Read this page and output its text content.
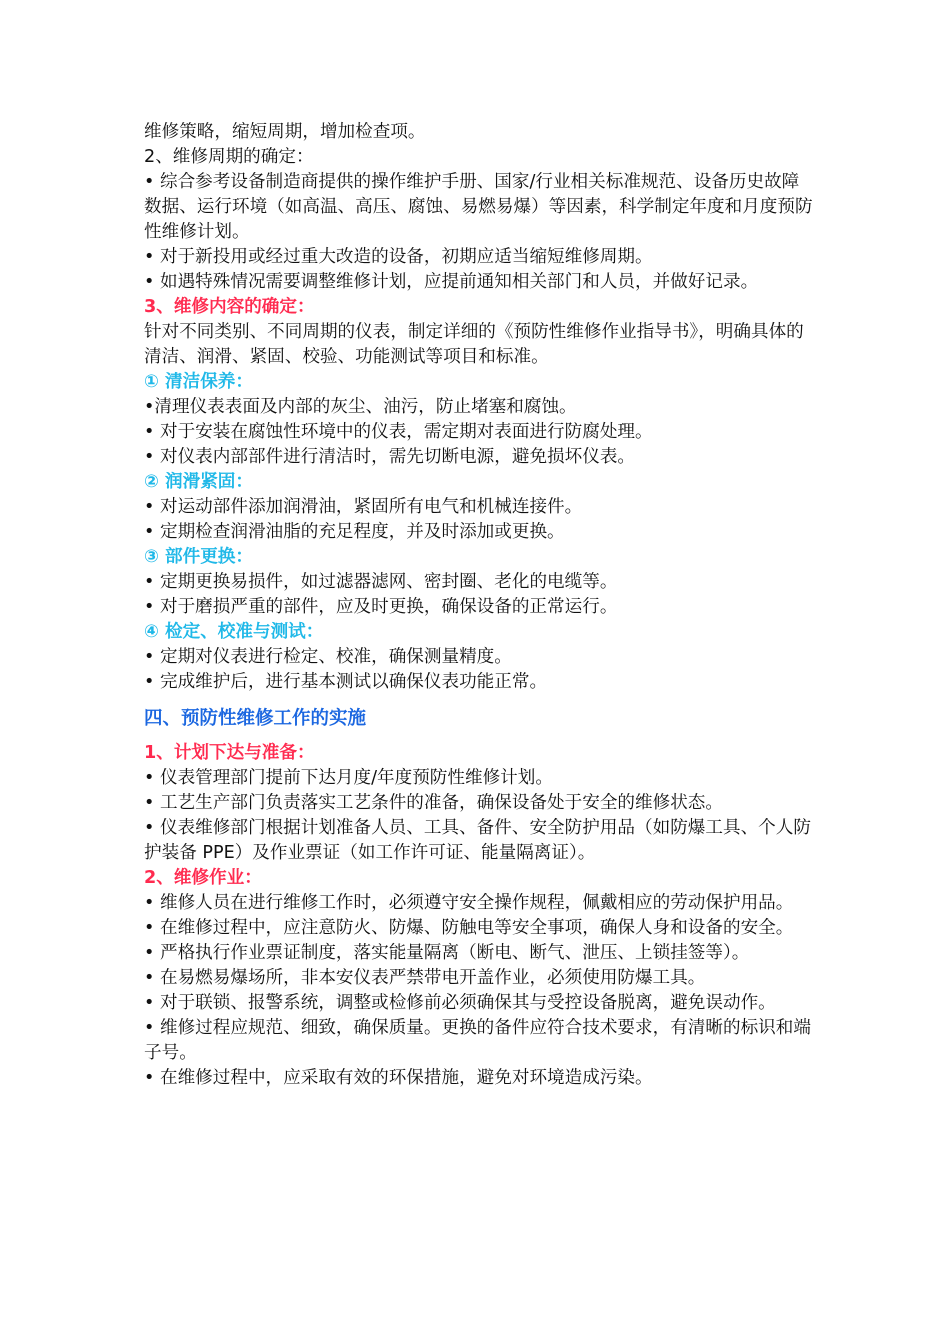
维修策略，缩短周期，增加检查项。

2、维修周期的确定：

• 综合参考设备制造商提供的操作维护手册、国家/行业相关标准规范、设备历史故障数据、运行环境（如高温、高压、腐蚀、易燃易爆）等因素，科学制定年度和月度预防性维修计划。

• 对于新投用或经过重大改造的设备，初期应适当缩短维修周期。

• 如遇特殊情况需要调整维修计划，应提前通知相关部门和人员，并做好记录。

3、维修内容的确定：

针对不同类别、不同周期的仪表，制定详细的《预防性维修作业指导书》，明确具体的清洁、润滑、紧固、校验、功能测试等项目和标准。

① 清洁保养：

•清理仪表表面及内部的灰尘、油污，防止堵塞和腐蚀。

• 对于安装在腐蚀性环境中的仪表，需定期对表面进行防腐处理。

• 对仪表内部部件进行清洁时，需先切断电源，避免损坏仪表。

② 润滑紧固：

• 对运动部件添加润滑油，紧固所有电气和机械连接件。

• 定期检查润滑油脂的充足程度，并及时添加或更换。

③ 部件更换：

• 定期更换易损件，如过滤器滤网、密封圈、老化的电缆等。

• 对于磨损严重的部件，应及时更换，确保设备的正常运行。

④ 检定、校准与测试：

• 定期对仪表进行检定、校准，确保测量精度。

• 完成维护后，进行基本测试以确保仪表功能正常。

四、预防性维修工作的实施

1、计划下达与准备：

• 仪表管理部门提前下达月度/年度预防性维修计划。

• 工艺生产部门负责落实工艺条件的准备，确保设备处于安全的维修状态。

• 仪表维修部门根据计划准备人员、工具、备件、安全防护用品（如防爆工具、个人防护装备 PPE）及作业票证（如工作许可证、能量隔离证）。

2、维修作业：

• 维修人员在进行维修工作时，必须遵守安全操作规程，佩戴相应的劳动保护用品。

• 在维修过程中，应注意防火、防爆、防触电等安全事项，确保人身和设备的安全。

• 严格执行作业票证制度，落实能量隔离（断电、断气、泄压、上锁挂签等）。

• 在易燃易爆场所，非本安仪表严禁带电开盖作业，必须使用防爆工具。

• 对于联锁、报警系统，调整或检修前必须确保其与受控设备脱离，避免误动作。

• 维修过程应规范、细致，确保质量。更换的备件应符合技术要求，有清晰的标识和端子号。

• 在维修过程中，应采取有效的环保措施，避免对环境造成污染。
